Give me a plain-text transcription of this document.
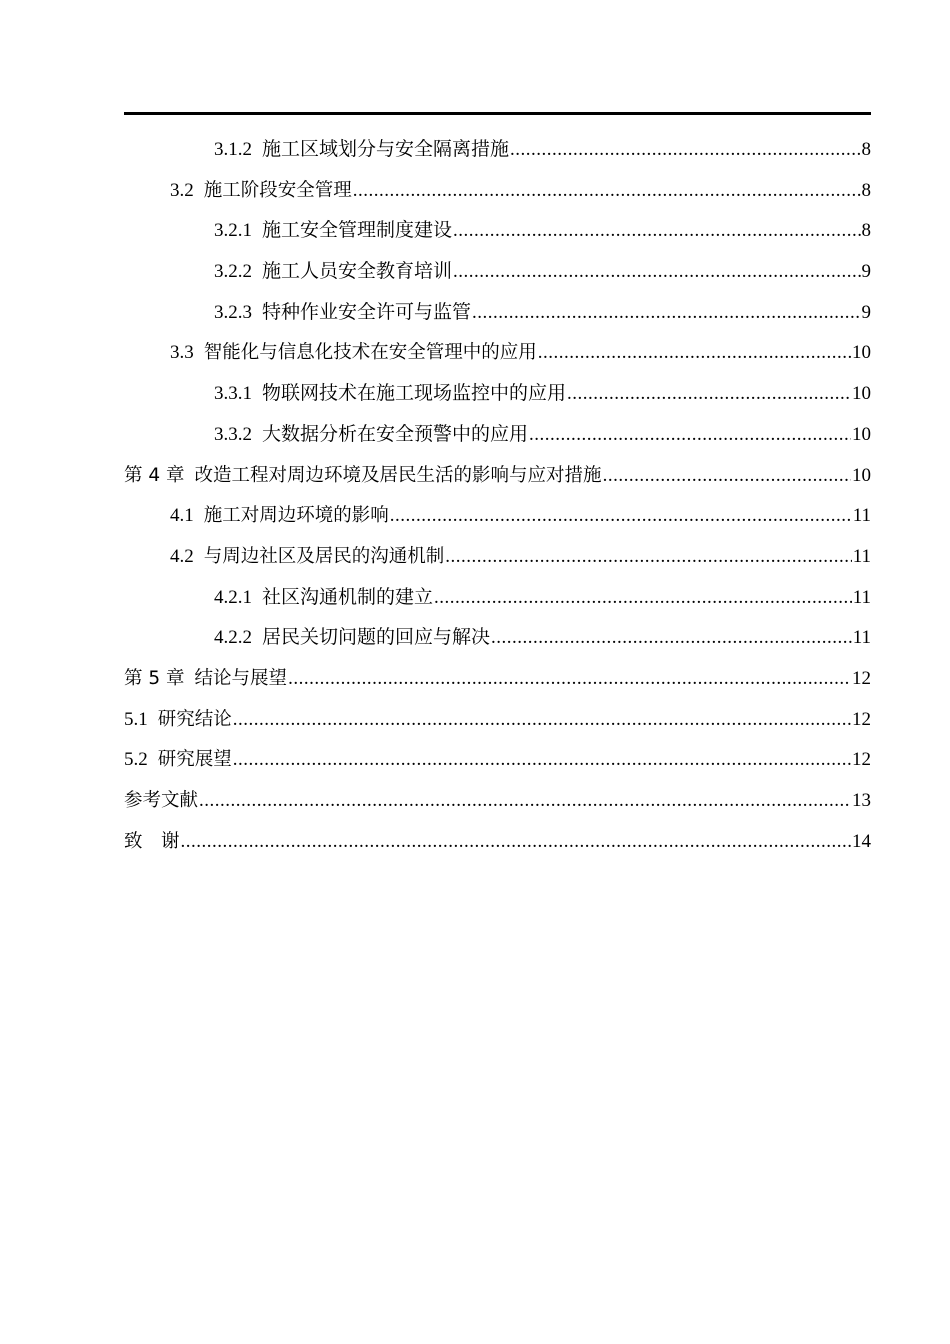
3.1.2 施工区域划分与安全隔离措施 .....	8
3.2 施工阶段安全管理 .....	8
3.2.1 施工安全管理制度建设 .....	8
3.2.2 施工人员安全教育培训 .....	9
3.2.3 特种作业安全许可与监管 .....	9
3.3 智能化与信息化技术在安全管理中的应用 .....	10
3.3.1 物联网技术在施工现场监控中的应用 .....	10
3.3.2 大数据分析在安全预警中的应用 .....	10
第 4 章 改造工程对周边环境及居民生活的影响与应对措施 .....	10
4.1 施工对周边环境的影响 .....	11
4.2 与周边社区及居民的沟通机制 .....	11
4.2.1 社区沟通机制的建立 .....	11
4.2.2 居民关切问题的回应与解决 .....	11
第 5 章 结论与展望 .....	12
5.1 研究结论 .....	12
5.2 研究展望 .....	12
参考文献 .....	13
致　谢 .....	14
